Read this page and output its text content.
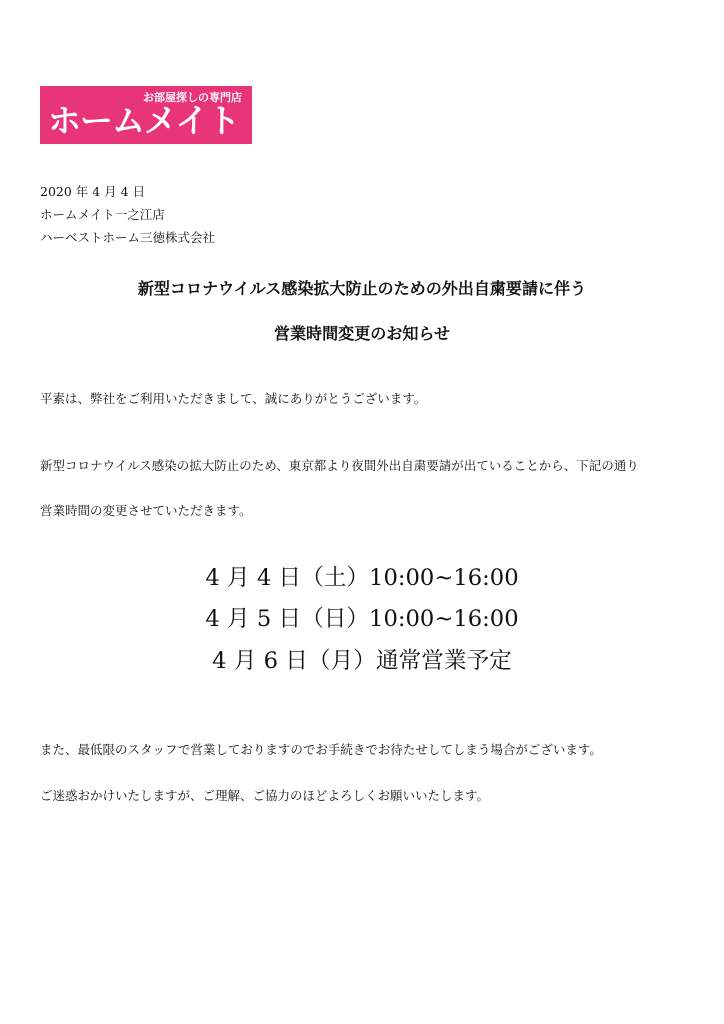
お部屋探しの専門店
ホームメイト
2020 年 4 月 4 日
ホームメイト一之江店
ハーベストホーム三徳株式会社
新型コロナウイルス感染拡大防止のための外出自粛要請に伴う
営業時間変更のお知らせ
平素は、弊社をご利用いただきまして、誠にありがとうございます。
新型コロナウイルス感染の拡大防止のため、東京都より夜間外出自粛要請が出ていることから、下記の通り
営業時間の変更させていただきます。
4 月 4 日（土）10:00~16:00
4 月 5 日（日）10:00~16:00
4 月 6 日（月）通常営業予定
また、最低限のスタッフで営業しておりますのでお手続きでお待たせしてしまう場合がございます。
ご迷惑おかけいたしますが、ご理解、ご協力のほどよろしくお願いいたします。
